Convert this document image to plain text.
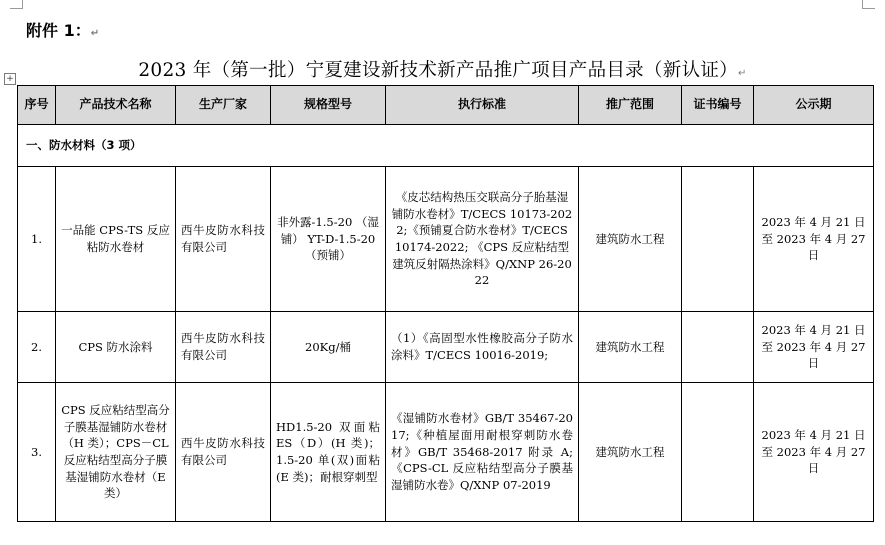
附件 1：↵
2023 年（第一批）宁夏建设新技术新产品推广项目产品目录（新认证）↵
+
序号	产品技术名称	生产厂家	规格型号	执行标准	推广范围	证书编号	公示期
一、防水材料（3 项）							
1.	一品能 CPS-TS 反应粘防水卷材	西牛皮防水科技有限公司	非外露-1.5-20 （湿铺） YT-D-1.5-20（预铺）	《皮芯结构热压交联高分子胎基湿铺防水卷材》T/CECS 10173-2022;《预铺夏合防水卷材》T/CECS 10174-2022; 《CPS 反应粘结型建筑反射隔热涂料》Q/XNP 26-2022	建筑防水工程		2023 年 4 月 21 日至 2023 年 4 月 27 日
2.	CPS 防水涂料	西牛皮防水科技有限公司	20Kg/桶	（1）《高固型水性橡胶高分子防水涂料》T/CECS 10016-2019;	建筑防水工程		2023 年 4 月 21 日至 2023 年 4 月 27 日
3.	CPS 反应粘结型高分子膜基湿铺防水卷材（H 类）；CPS－CL 反应粘结型高分子膜基湿铺防水卷材（E 类）	西牛皮防水科技有限公司	HD1.5-20 双面粘 ES（D）(H 类)；1.5-20 单(双)面粘(E 类)；耐根穿刺型	《湿铺防水卷材》GB/T 35467-2017;《种植屋面用耐根穿刺防水卷材》GB/T 35468-2017 附录 A;《CPS-CL 反应粘结型高分子膜基湿铺防水卷》Q/XNP 07-2019	建筑防水工程		2023 年 4 月 21 日至 2023 年 4 月 27 日
